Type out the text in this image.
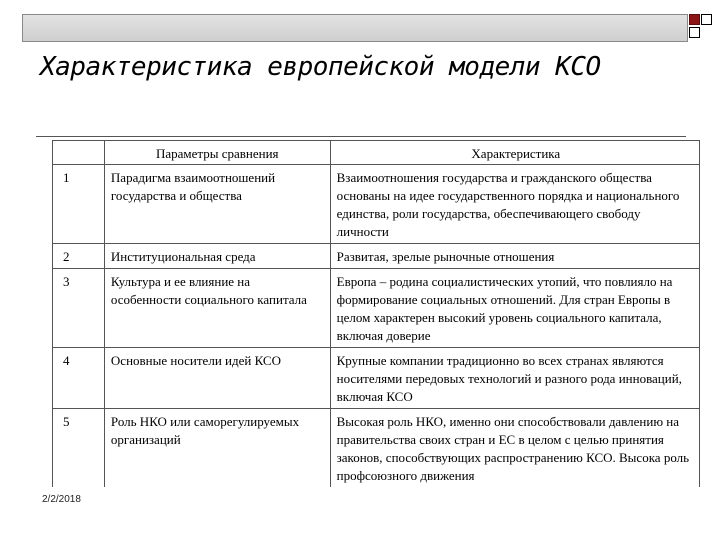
Характеристика европейской модели КСО
	Параметры сравнения	Характеристика
1	Парадигма взаимоотношений государства и общества	Взаимоотношения государства и гражданского общества основаны на идее государственного порядка и национального единства, роли государства, обеспечивающего свободу личности
2	Институциональная среда	Развитая, зрелые рыночные отношения
3	Культура и ее влияние на особенности социального капитала	Европа – родина социалистических утопий, что повлияло на формирование социальных отношений. Для стран Европы в целом характерен высокий уровень социального капитала, включая доверие
4	Основные носители идей КСО	Крупные компании традиционно во всех странах являются носителями передовых технологий и разного рода инноваций, включая КСО
5	Роль НКО или саморегулируемых организаций	Высокая роль НКО, именно они способствовали давлению на правительства своих стран и ЕС в целом с целью принятия законов, способствующих распространению КСО. Высока роль профсоюзного движения
2/2/2018
